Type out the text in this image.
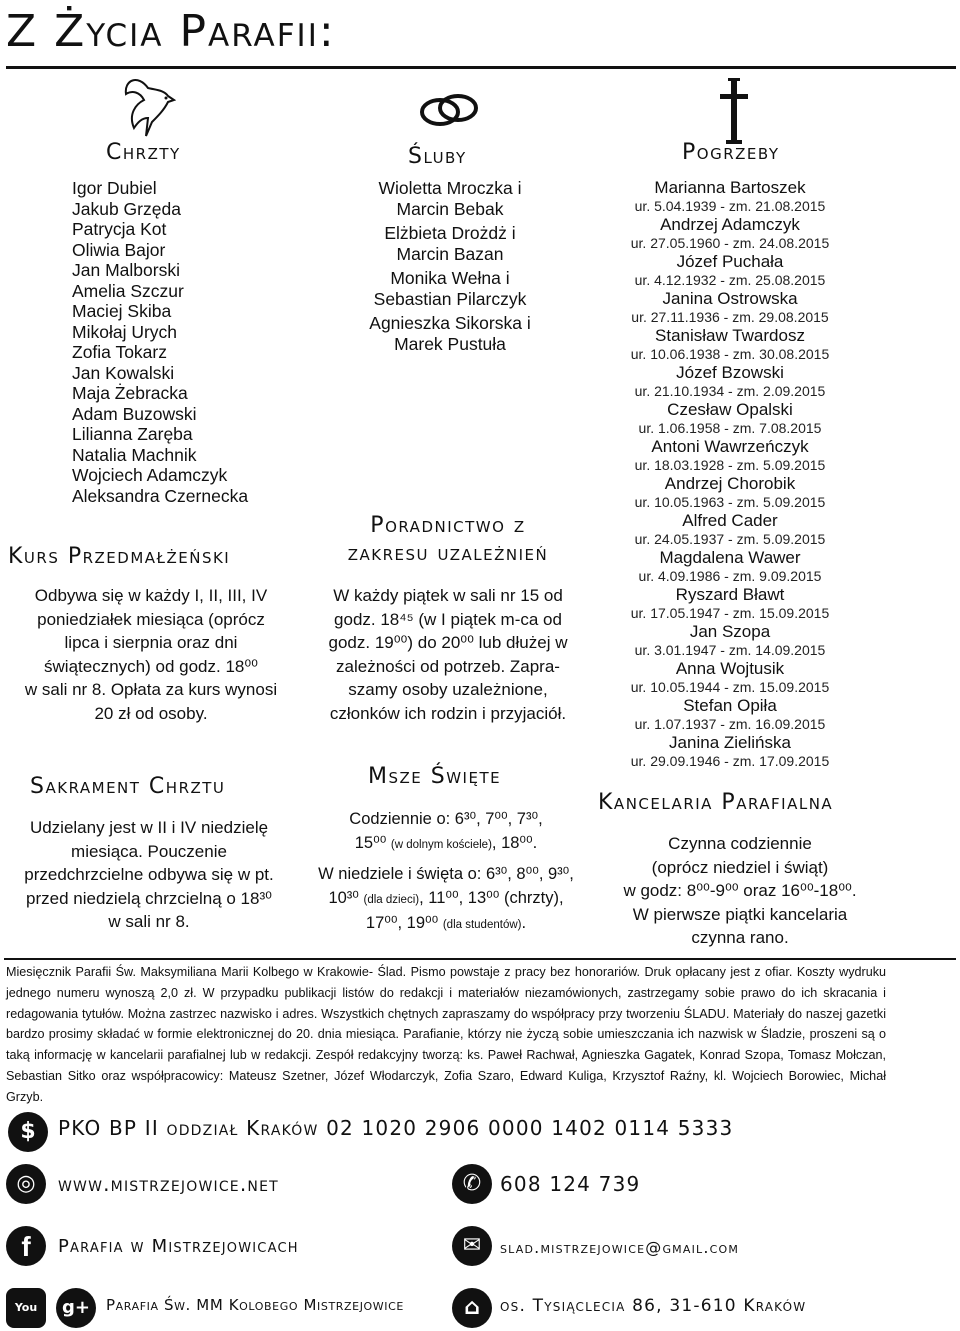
Z Życia Parafii:
Chrzty
Igor Dubiel
Jakub Grzęda
Patrycja Kot
Oliwia Bajor
Jan Malborski
Amelia Szczur
Maciej Skiba
Mikołaj Urych
Zofia Tokarz
Jan Kowalski
Maja Żebracka
Adam Buzowski
Lilianna Zaręba
Natalia Machnik
Wojciech Adamczyk
Aleksandra Czernecka
Kurs Przedmałżeński
Odbywa się w każdy I, II, III, IV
poniedziałek miesiąca (oprócz
lipca i sierpnia oraz dni
świątecznych) od godz. 18⁰⁰
w sali nr 8. Opłata za kurs wynosi
20 zł od osoby.
Sakrament Chrztu
Udzielany jest w II i IV niedzielę
miesiąca. Pouczenie
przedchrzcielne odbywa się w pt.
przed niedzielą chrzcielną o 18³⁰
w sali nr 8.
Śluby
Wioletta Mroczka i
Marcin Bebak
Elżbieta Drożdż i
Marcin Bazan
Monika Wełna i
Sebastian Pilarczyk
Agnieszka Sikorska i
Marek Pustuła
Poradnictwo z
zakresu uzależnień
W każdy piątek w sali nr 15 od
godz. 18⁴⁵ (w I piątek m-ca od
godz. 19⁰⁰) do 20⁰⁰ lub dłużej w
zależności od potrzeb. Zapra-
szamy osoby uzależnione,
członków ich rodzin i przyjaciół.
Msze Święte
Codziennie o: 6³⁰, 7⁰⁰, 7³⁰,
15⁰⁰ (w dolnym kościele), 18⁰⁰.
W niedziele i święta o: 6³⁰, 8⁰⁰, 9³⁰,
10³⁰ (dla dzieci), 11⁰⁰, 13⁰⁰ (chrzty),
17⁰⁰, 19⁰⁰ (dla studentów).
Pogrzeby
Marianna Bartoszek
ur. 5.04.1939 - zm. 21.08.2015
Andrzej Adamczyk
ur. 27.05.1960 - zm. 24.08.2015
Józef Puchała
ur. 4.12.1932 - zm. 25.08.2015
Janina Ostrowska
ur. 27.11.1936 - zm. 29.08.2015
Stanisław Twardosz
ur. 10.06.1938 - zm. 30.08.2015
Józef Bzowski
ur. 21.10.1934 - zm. 2.09.2015
Czesław Opalski
ur. 1.06.1958 - zm. 7.08.2015
Antoni Wawrzeńczyk
ur. 18.03.1928 - zm. 5.09.2015
Andrzej Chorobik
ur. 10.05.1963 - zm. 5.09.2015
Alfred Cader
ur. 24.05.1937 - zm. 5.09.2015
Magdalena Wawer
ur. 4.09.1986 - zm. 9.09.2015
Ryszard Bławt
ur. 17.05.1947 - zm. 15.09.2015
Jan Szopa
ur. 3.01.1947 - zm. 14.09.2015
Anna Wojtusik
ur. 10.05.1944 - zm. 15.09.2015
Stefan Opiła
ur. 1.07.1937 - zm. 16.09.2015
Janina Zielińska
ur. 29.09.1946 - zm. 17.09.2015
Kancelaria Parafialna
Czynna codziennie
(oprócz niedziel i świąt)
w godz: 8⁰⁰-9⁰⁰ oraz 16⁰⁰-18⁰⁰.
W pierwsze piątki kancelaria
czynna rano.
Miesięcznik Parafii Św. Maksymiliana Marii Kolbego w Krakowie- Ślad. Pismo powstaje z pracy bez honorariów. Druk opłacany jest z ofiar. Koszty wydruku jednego numeru wynoszą 2,0 zł. W przypadku publikacji listów do redakcji i materiałów niezamówionych, zastrzegamy sobie prawo do ich skracania i redagowania tytułów. Można zastrzec nazwisko i adres. Wszystkich chętnych zapraszamy do współpracy przy tworzeniu ŚLADU. Materiały do naszej gazetki bardzo prosimy składać w formie elektronicznej do 20. dnia miesiąca. Parafianie, którzy nie życzą sobie umieszczania ich nazwisk w Śladzie, proszeni są o taką informację w kancelarii parafialnej lub w redakcji. Zespół redakcyjny tworzą: ks. Paweł Rachwał, Agnieszka Gagatek, Konrad Szopa, Tomasz Mołczan, Sebastian Sitko oraz współpracowicy: Mateusz Szetner, Józef Włodarczyk, Zofia Szaro, Edward Kuliga, Krzysztof Raźny, kl. Wojciech Borowiec, Michał Grzyb.
$	PKO BP II oddział Kraków 02 1020 2906 0000 1402 0114 5333
◎	www.mistrzejowice.net	✆ 608 124 739
f	Parafia w Mistrzejowicach	✉	slad.mistrzejowice@gmail.com
You	g+	Parafia Św. MM Kolobego Mistrzejowice	⌂	os. Tysiąclecia 86, 31-610 Kraków
